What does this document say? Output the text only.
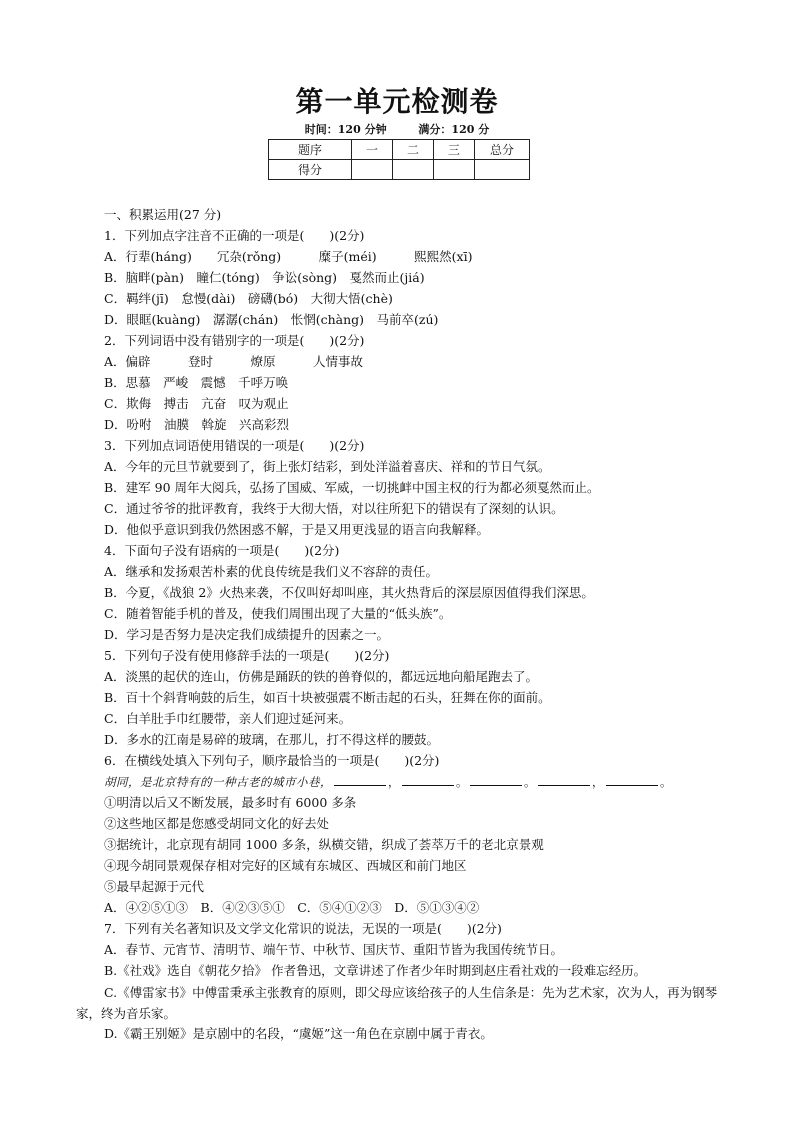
第一单元检测卷
时间：120 分钟	满分：120 分
题序	一	二	三	总分
得分				
一、积累运用(27 分)
1．下列加点字注音不正确的一项是(　　)(2分)
A．行辈(háng)　　冗杂(rǒng)　　　糜子(méi)　　　熙熙然(xī)
B．脑畔(pàn)　瞳仁(tóng)　争讼(sòng)　戛然而止(jiá)
C．羁绊(jī)　怠慢(dài)　磅礴(bó)　大彻大悟(chè)
D．眼眶(kuàng)　潺潺(chán)　怅惘(chàng)　马前卒(zú)
2．下列词语中没有错别字的一项是(　　)(2分)
A．偏辟　　　登时　　　燎原　　　人情事故
B．思慕　严峻　震憾　千呼万唤
C．欺侮　搏击　亢奋　叹为观止
D．吩咐　油膜　斡旋　兴高彩烈
3．下列加点词语使用错误的一项是(　　)(2分)
A．今年的元旦节就要到了，街上张灯结彩，到处洋溢着喜庆、祥和的节日气氛。
B．建军 90 周年大阅兵，弘扬了国威、军威，一切挑衅中国主权的行为都必须戛然而止。
C．通过爷爷的批评教育，我终于大彻大悟，对以往所犯下的错误有了深刻的认识。
D．他似乎意识到我仍然困惑不解，于是又用更浅显的语言向我解释。
4．下面句子没有语病的一项是(　　)(2分)
A．继承和发扬艰苦朴素的优良传统是我们义不容辞的责任。
B．今夏，《战狼 2》火热来袭，不仅叫好却叫座，其火热背后的深层原因值得我们深思。
C．随着智能手机的普及，使我们周围出现了大量的“低头族”。
D．学习是否努力是决定我们成绩提升的因素之一。
5．下列句子没有使用修辞手法的一项是(　　)(2分)
A．淡黑的起伏的连山，仿佛是踊跃的铁的兽脊似的，都远远地向船尾跑去了。
B．百十个斜背响鼓的后生，如百十块被强震不断击起的石头，狂舞在你的面前。
C．白羊肚手巾红腰带，亲人们迎过延河来。
D．多水的江南是易碎的玻璃，在那儿，打不得这样的腰鼓。
6．在横线处填入下列句子，顺序最恰当的一项是(　　)(2分)
胡同，是北京特有的一种古老的城市小巷，	，	。	。	，	。
①明清以后又不断发展，最多时有 6000 多条
②这些地区都是您感受胡同文化的好去处
③据统计，北京现有胡同 1000 多条，纵横交错，织成了荟萃万千的老北京景观
④现今胡同景观保存相对完好的区域有东城区、西城区和前门地区
⑤最早起源于元代
A．④②⑤①③　B．④②③⑤①　C．⑤④①②③　D．⑤①③④②
7．下列有关名著知识及文学文化常识的说法，无误的一项是(　　)(2分)
A．春节、元宵节、清明节、端午节、中秋节、国庆节、重阳节皆为我国传统节日。
B.《社戏》选自《朝花夕拾》 作者鲁迅，文章讲述了作者少年时期到赵庄看社戏的一段难忘经历。
C.《傅雷家书》中傅雷秉承主张教育的原则，即父母应该给孩子的人生信条是：先为艺术家，次为人，再为钢琴家，终为音乐家。
D.《霸王别姬》是京剧中的名段，“虞姬”这一角色在京剧中属于青衣。
